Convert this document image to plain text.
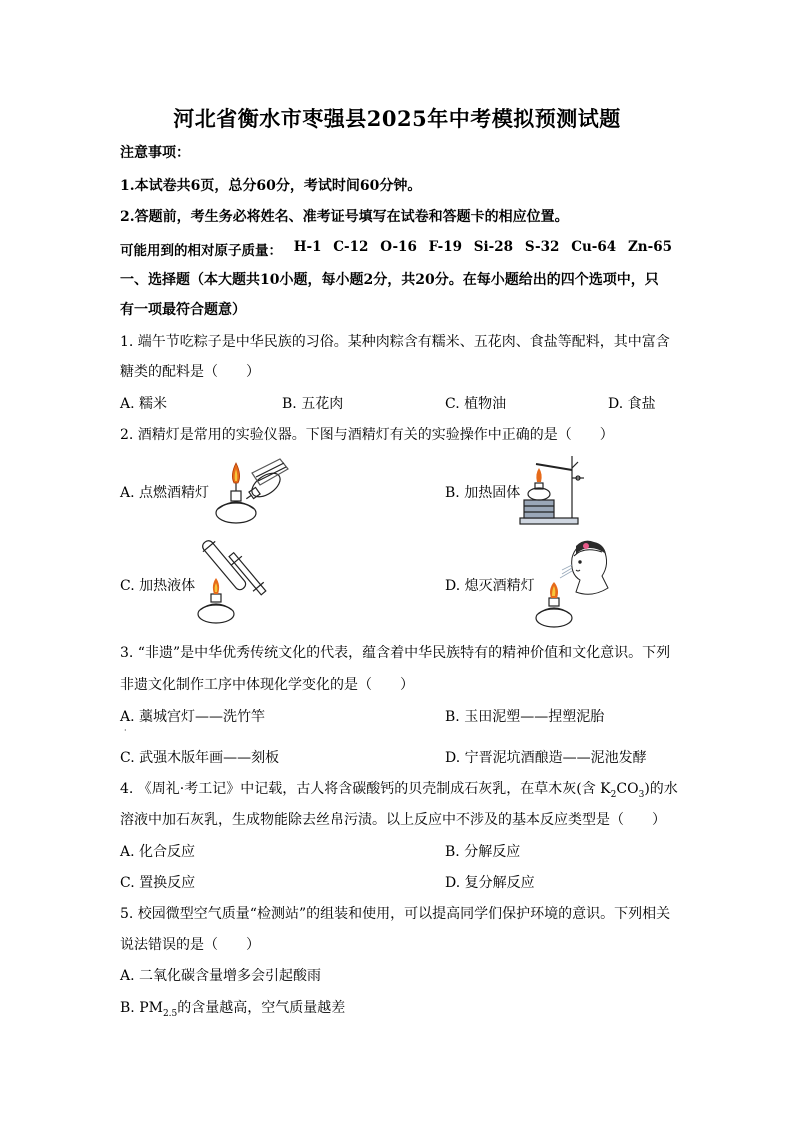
河北省衡水市枣强县2025年中考模拟预测试题
注意事项：
1.本试卷共6页，总分60分，考试时间60分钟。
2.答题前，考生务必将姓名、准考证号填写在试卷和答题卡的相应位置。
可能用到的相对原子质量： H-1 C-12 O-16 F-19 Si-28 S-32 Cu-64 Zn-65
一、选择题（本大题共10小题，每小题2分，共20分。在每小题给出的四个选项中，只
有一项最符合题意）
1. 端午节吃粽子是中华民族的习俗。某种肉粽含有糯米、五花肉、食盐等配料，其中富含
糖类的配料是（　　）
A. 糯米	B. 五花肉	C. 植物油	D. 食盐
2. 酒精灯是常用的实验仪器。下图与酒精灯有关的实验操作中正确的是（　　）
A. 点燃酒精灯	B. 加热固体
C. 加热液体	D. 熄灭酒精灯
3. “非遗”是中华优秀传统文化的代表，蕴含着中华民族特有的精神价值和文化意识。下列
非遗文化制作工序中体现化学变化的是（　　）
A. 藁城宫灯——洗竹竿
·
B. 玉田泥塑——捏塑泥胎
C. 武强木版年画——刻板	D. 宁晋泥坑酒酿造——泥池发酵
4. 《周礼·考工记》中记载，古人将含碳酸钙的贝壳制成石灰乳，在草木灰(含 $K_2CO_3$)的水
溶液中加石灰乳，生成物能除去丝帛污渍。以上反应中不涉及的基本反应类型是（　　）
A. 化合反应	B. 分解反应
C. 置换反应	D. 复分解反应
5. 校园微型空气质量“检测站”的组装和使用，可以提高同学们保护环境的意识。下列相关
说法错误的是（　　）
A. 二氧化碳含量增多会引起酸雨
B. $PM_{2.5}$的含量越高，空气质量越差
